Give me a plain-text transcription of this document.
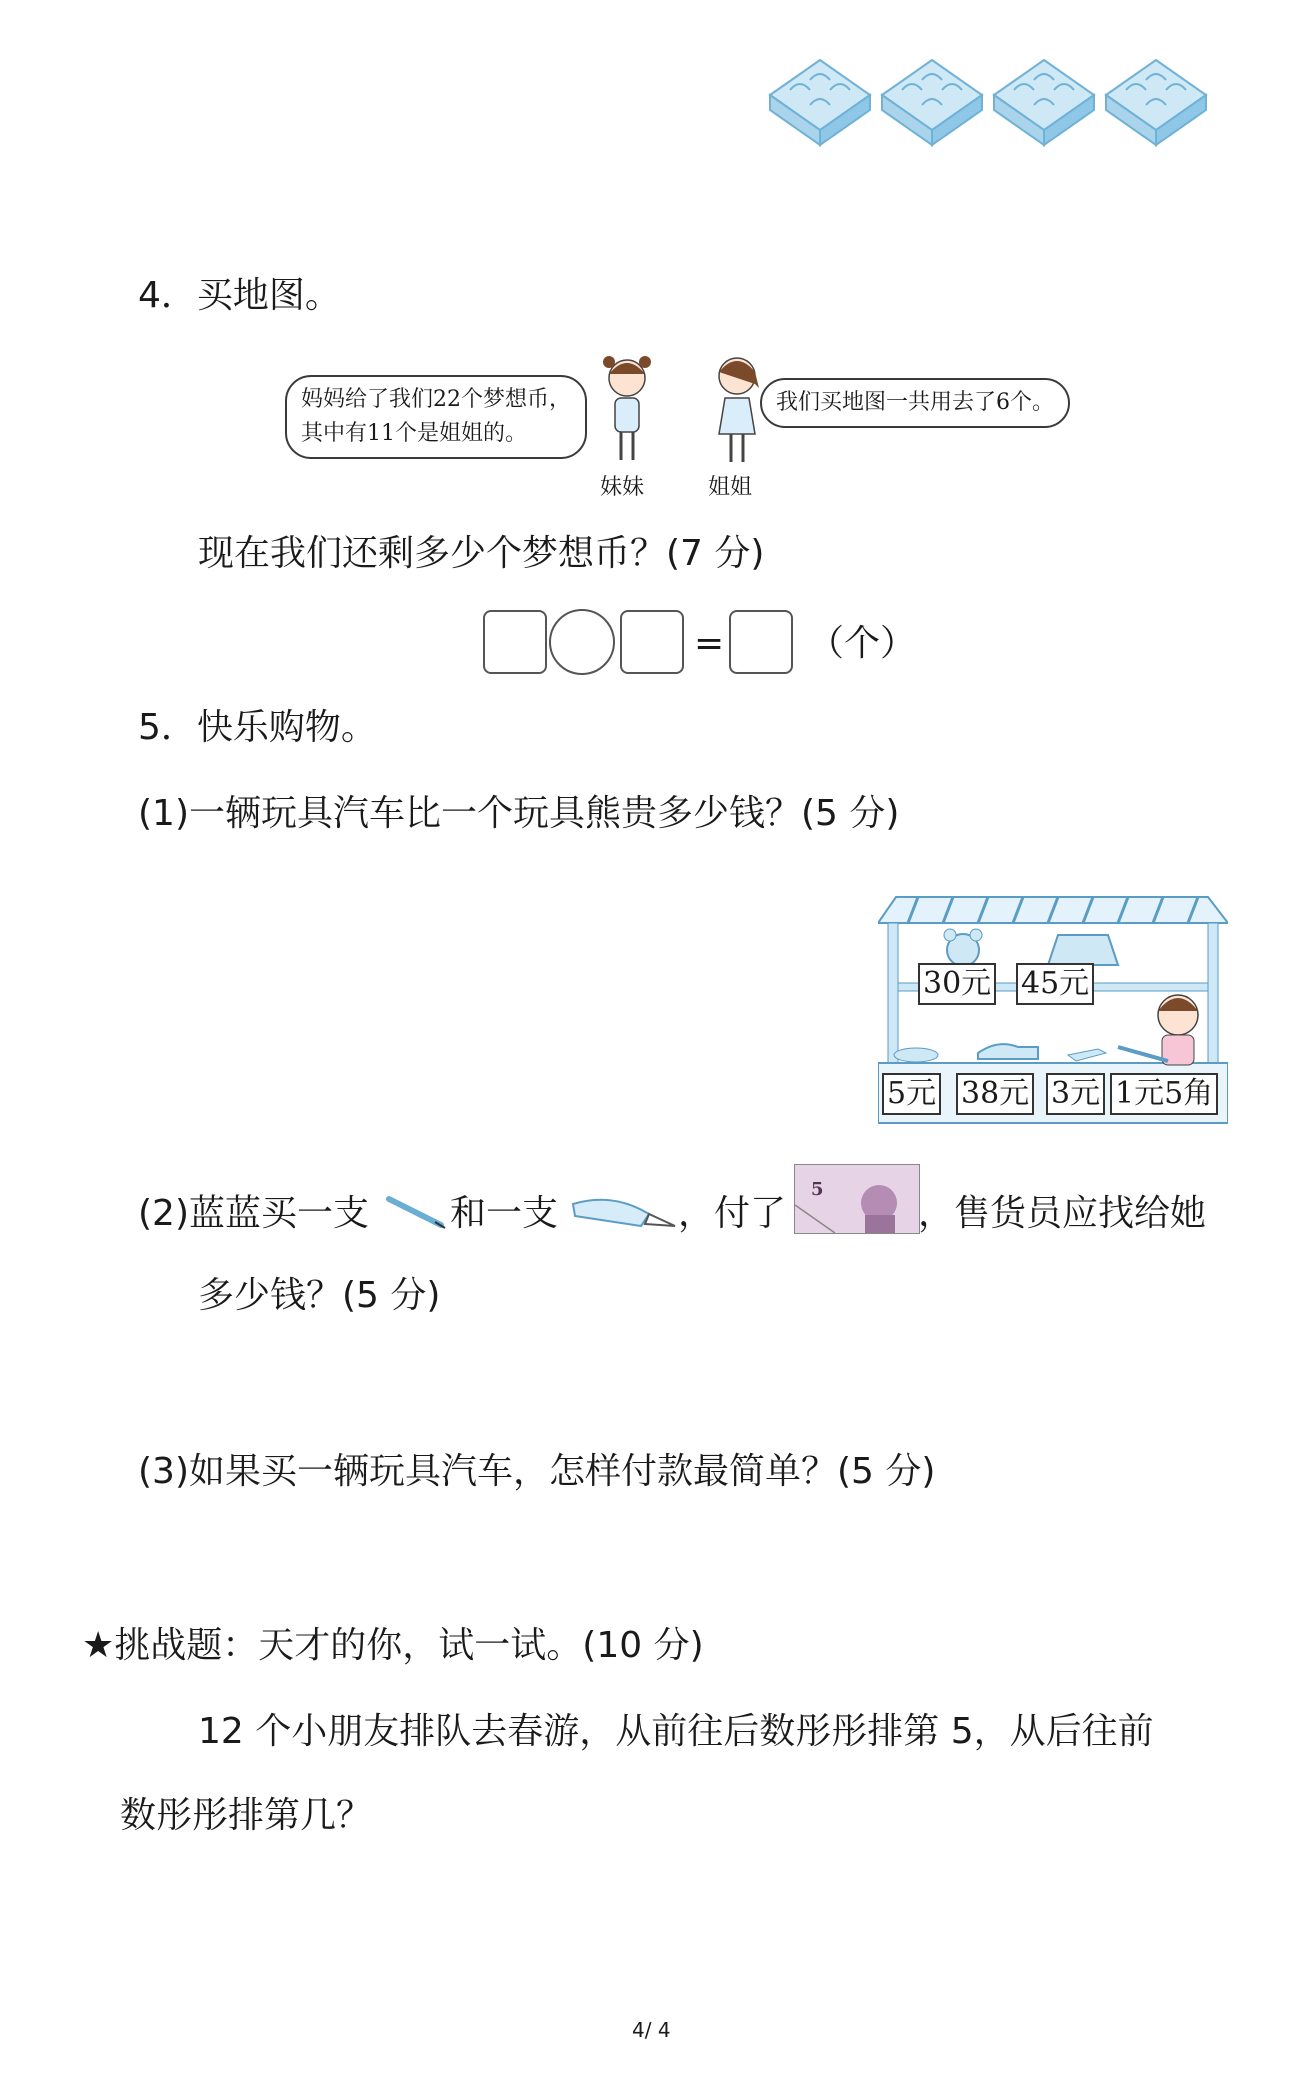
4．买地图。
妈妈给了我们22个梦想币，
其中有11个是姐姐的。
妹妹	姐姐
我们买地图一共用去了6个。
现在我们还剩多少个梦想币？(7 分)
= （个）
5．快乐购物。
(1)一辆玩具汽车比一个玩具熊贵多少钱？(5 分)
30元 45元
5元 38元 3元 1元5角
(2)蓝蓝买一支 和一支	，付了
5
，售货员应找给她
多少钱？(5 分)
(3)如果买一辆玩具汽车，怎样付款最简单？(5 分)
★挑战题：天才的你，试一试。(10 分)
12 个小朋友排队去春游，从前往后数彤彤排第 5，从后往前
数彤彤排第几？
4/ 4
